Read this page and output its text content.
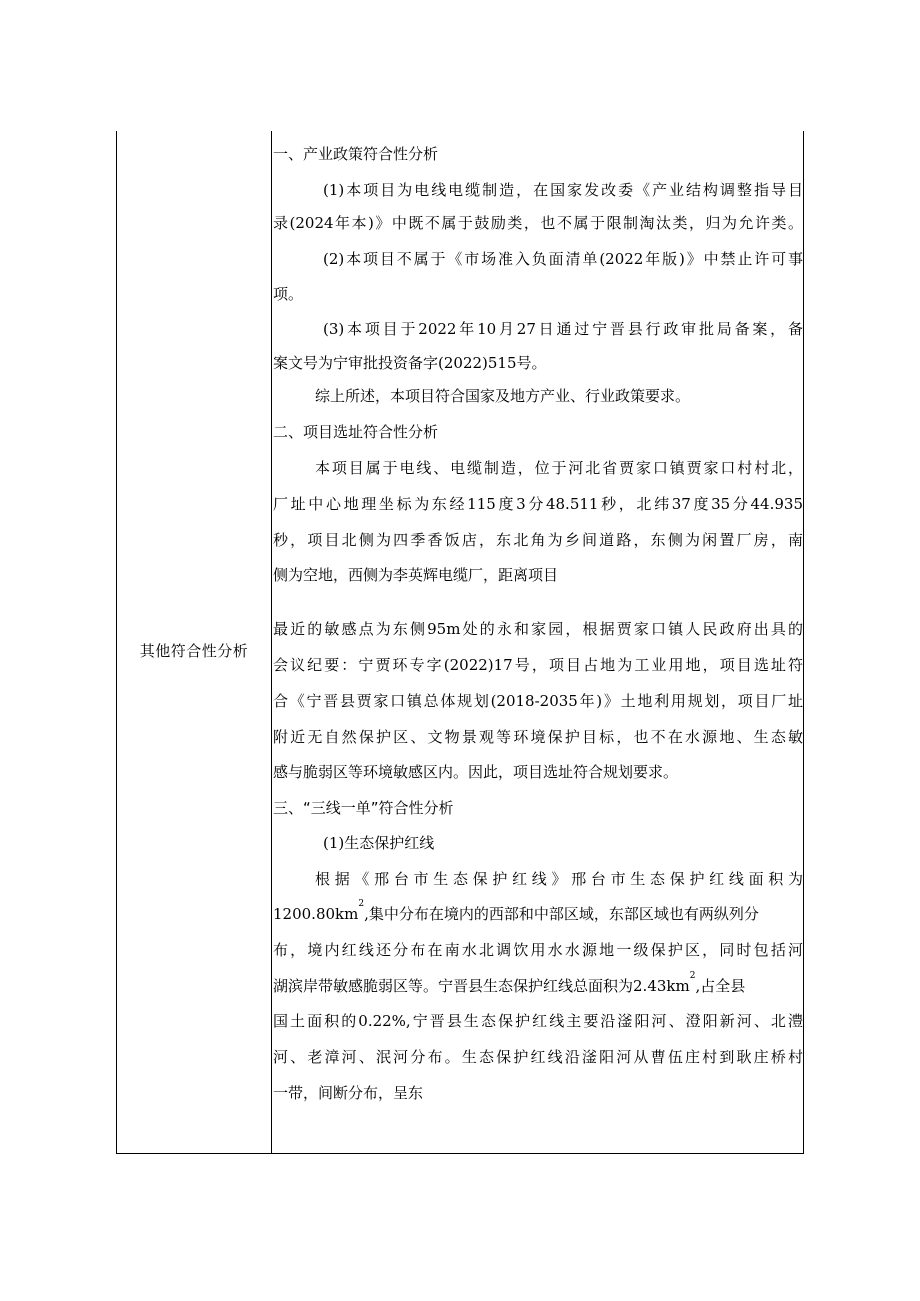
其他符合性分析
一、产业政策符合性分析
(1)本项目为电线电缆制造，在国家发改委《产业结构调整指导目
录(2024年本)》中既不属于鼓励类，也不属于限制淘汰类，归为允许类。
(2)本项目不属于《市场准入负面清单(2022年版)》中禁止许可事
项。
(3)本项目于2022年10月27日通过宁晋县行政审批局备案，备
案文号为宁审批投资备字(2022)515号。
综上所述，本项目符合国家及地方产业、行业政策要求。
二、项目选址符合性分析
本项目属于电线、电缆制造，位于河北省贾家口镇贾家口村村北，
厂址中心地理坐标为东经115度3分48.511秒，北纬37度35分44.935
秒，项目北侧为四季香饭店，东北角为乡间道路，东侧为闲置厂房，南
侧为空地，西侧为李英辉电缆厂，距离项目
最近的敏感点为东侧95m处的永和家园，根据贾家口镇人民政府出具的
会议纪要：宁贾环专字(2022)17号，项目占地为工业用地，项目选址符
合《宁晋县贾家口镇总体规划(2018-2035年)》土地利用规划，项目厂址
附近无自然保护区、文物景观等环境保护目标，也不在水源地、生态敏
感与脆弱区等环境敏感区内。因此，项目选址符合规划要求。
三、“三线一单”符合性分析
(1)生态保护红线
根据《邢台市生态保护红线》邢台市生态保护红线面积为
1200.80km
2
,集中分布在境内的西部和中部区域，东部区域也有两纵列分
布，境内红线还分布在南水北调饮用水水源地一级保护区，同时包括河
湖滨岸带敏感脆弱区等。宁晋县生态保护红线总面积为2.43km
2
,占全县
国土面积的0.22%,宁晋县生态保护红线主要沿滏阳河、澄阳新河、北澧
河、老漳河、泯河分布。生态保护红线沿滏阳河从曹伍庄村到耿庄桥村
一带，间断分布，呈东
